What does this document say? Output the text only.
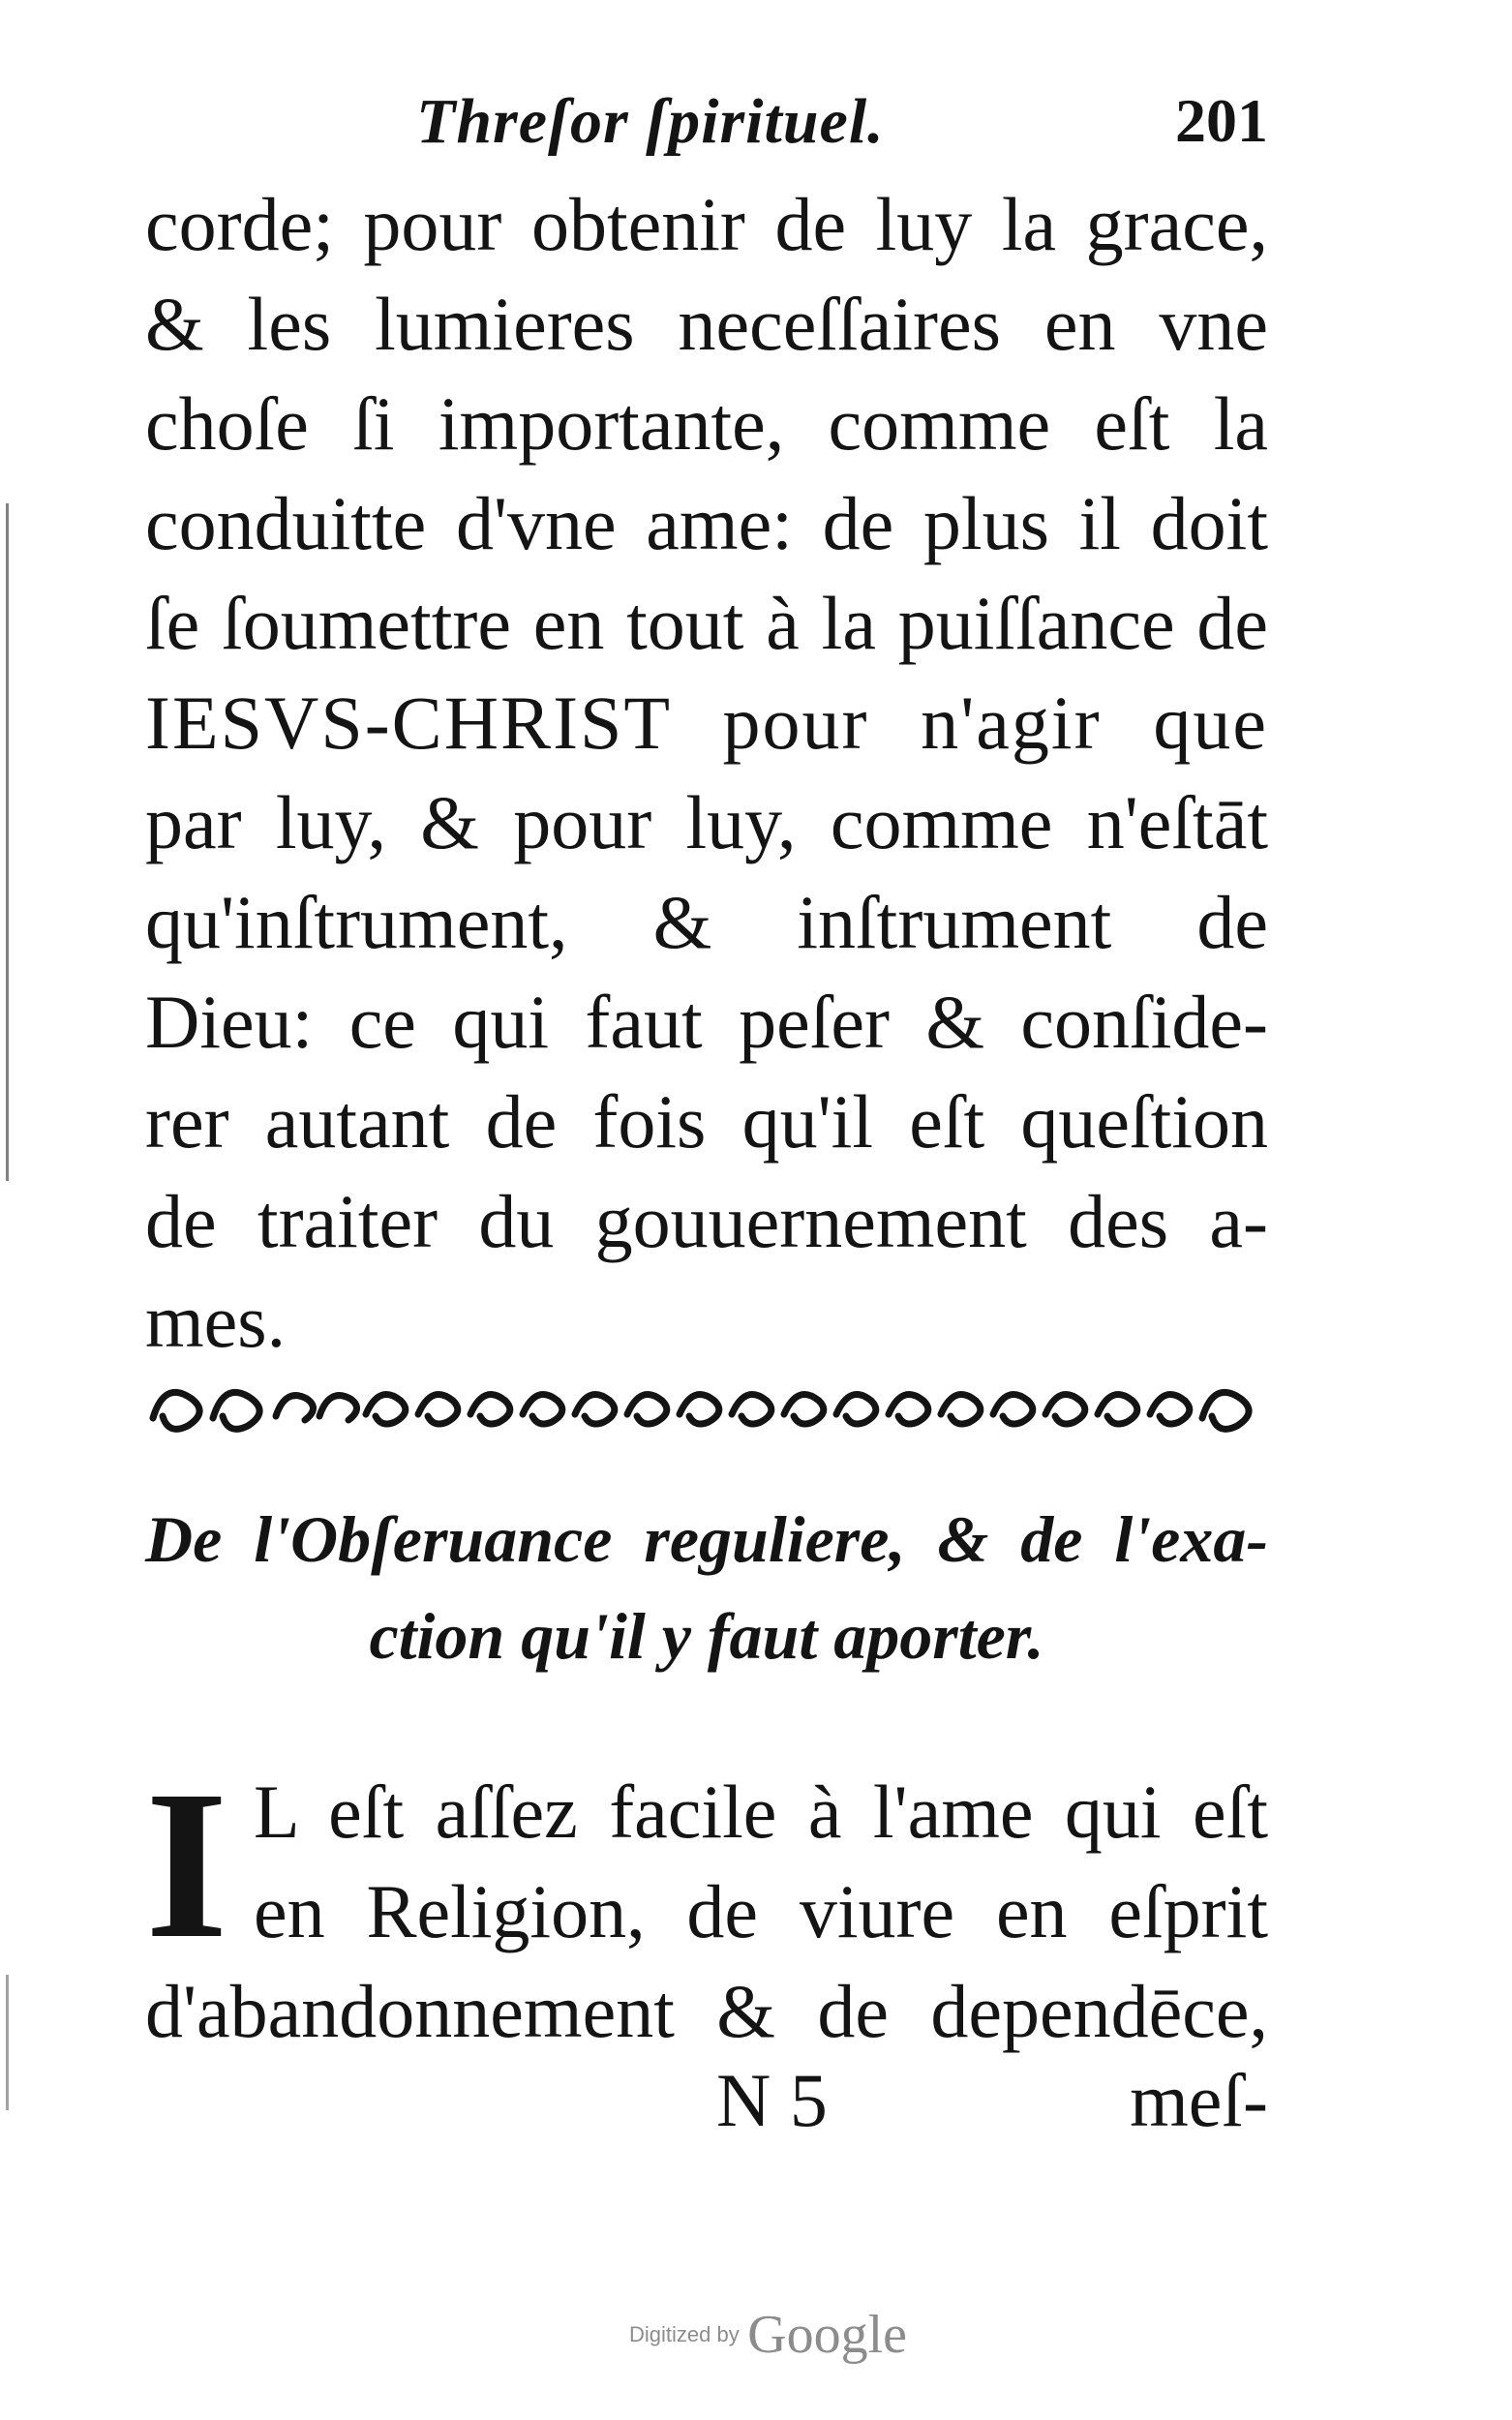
Threſor ſpirituel.	201
corde; pour obtenir de luy la grace,
& les lumieres neceſſaires en vne
choſe ſi importante, comme eſt la
conduitte d'vne ame: de plus il doit
ſe ſoumettre en tout à la puiſſance de
IESVS-CHRIST pour n'agir que
par luy, & pour luy, comme n'eſtāt
qu'inſtrument, & inſtrument de
Dieu: ce qui faut peſer & conſide-
rer autant de fois qu'il eſt queſtion
de traiter du gouuernement des a-
mes.
De l'Obſeruance reguliere, & de l'exa-
ction qu'il y faut aporter.
I L eſt aſſez facile à l'ame qui eſt
en Religion, de viure en eſprit
d'abandonnement & de dependēce,
N 5	meſ-
Digitized by Google
